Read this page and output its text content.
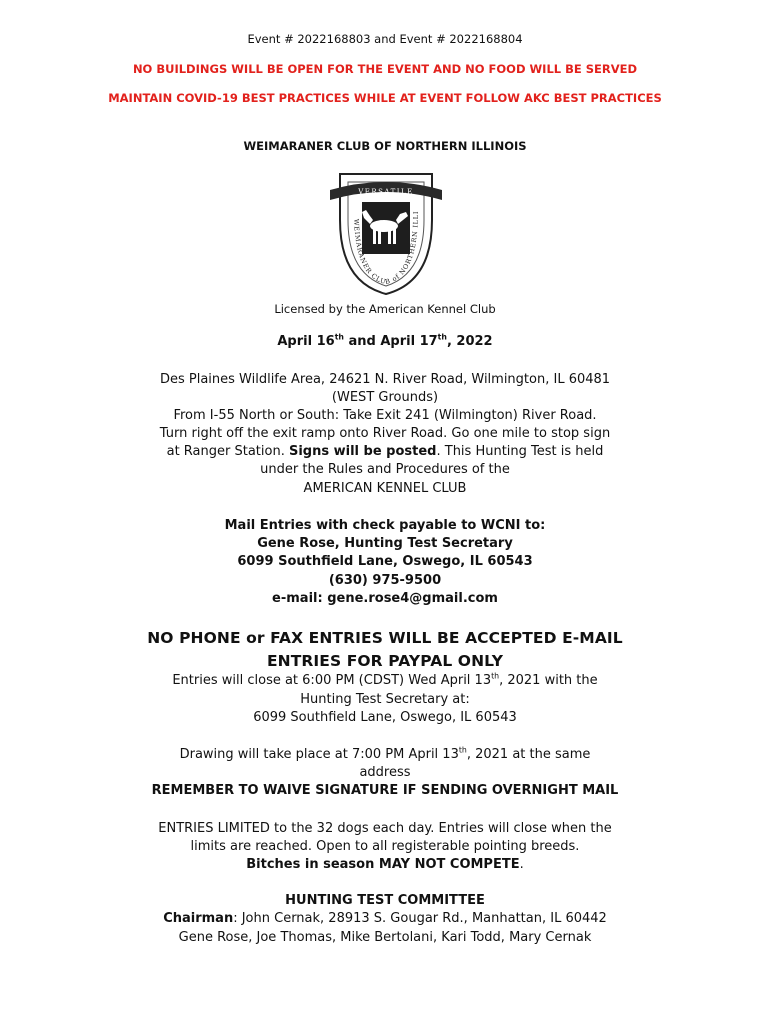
Event # 2022168803 and Event # 2022168804
NO BUILDINGS WILL BE OPEN FOR THE EVENT AND NO FOOD WILL BE SERVED
MAINTAIN COVID-19 BEST PRACTICES WHILE AT EVENT FOLLOW AKC BEST PRACTICES
WEIMARANER CLUB OF NORTHERN ILLINOIS
VERSATILE
WEIMARANER CLUB of NORTHERN ILLI
Licensed by the American Kennel Club
April 16th and April 17th, 2022
Des Plaines Wildlife Area, 24621 N. River Road, Wilmington, IL 60481
(WEST Grounds)
From I-55 North or South: Take Exit 241 (Wilmington) River Road.
Turn right off the exit ramp onto River Road. Go one mile to stop sign
at Ranger Station. Signs will be posted. This Hunting Test is held
under the Rules and Procedures of the
AMERICAN KENNEL CLUB
Mail Entries with check payable to WCNI to:
Gene Rose, Hunting Test Secretary
6099 Southfield Lane, Oswego, IL 60543
(630) 975-9500
e-mail: gene.rose4@gmail.com
NO PHONE or FAX ENTRIES WILL BE ACCEPTED E-MAIL
ENTRIES FOR PAYPAL ONLY
Entries will close at 6:00 PM (CDST) Wed April 13th, 2021 with the
Hunting Test Secretary at:
6099 Southfield Lane, Oswego, IL 60543
Drawing will take place at 7:00 PM April 13th, 2021 at the same
address
REMEMBER TO WAIVE SIGNATURE IF SENDING OVERNIGHT MAIL
ENTRIES LIMITED to the 32 dogs each day. Entries will close when the
limits are reached. Open to all registerable pointing breeds.
Bitches in season MAY NOT COMPETE.
HUNTING TEST COMMITTEE
Chairman: John Cernak, 28913 S. Gougar Rd., Manhattan, IL 60442
Gene Rose, Joe Thomas, Mike Bertolani, Kari Todd, Mary Cernak
